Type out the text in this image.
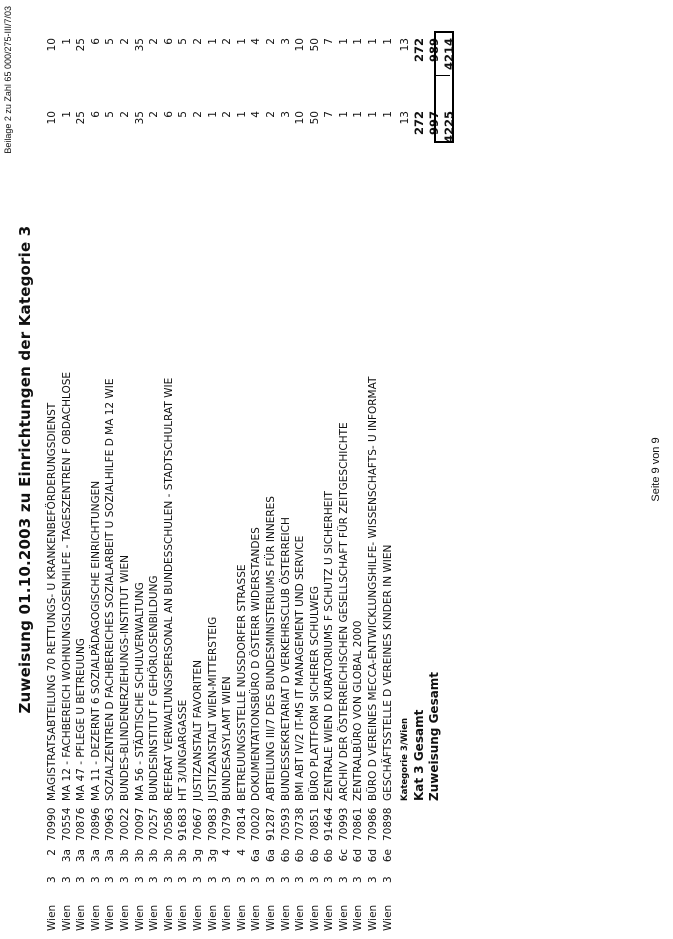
Beilage 2 zu Zahl 65 000/275-III/7/03
Zuweisung 01.10.2003 zu Einrichtungen der Kategorie 3
Wien
3
2
70990
MAGISTRATSABTEILUNG 70 RETTUNGS- U KRANKENBEFÖRDERUNGSDIENST
10
10
Wien
3
3a
70554
MA 12 - FACHBEREICH WOHNUNGSLOSENHILFE - TAGESZENTREN F OBDACHLOSE
1
1
Wien
3
3a
70876
MA 47 - PFLEGE U BETREUUNG
25
25
Wien
3
3a
70896
MA 11 - DEZERNT 6 SOZIALPÄDAGOGISCHE EINRICHTUNGEN
6
6
Wien
3
3a
70963
SOZIALZENTREN D FACHBEREICHES SOZIALARBEIT U SOZIALHILFE D MA 12 WIE
5
5
Wien
3
3b
70022
BUNDES-BLINDENERZIEHUNGS-INSTITUT WIEN
2
2
Wien
3
3b
70097
MA 56 - STÄDTISCHE SCHULVERWALTUNG
35
35
Wien
3
3b
70257
BUNDESINSTITUT F GEHÖRLOSENBILDUNG
2
2
Wien
3
3b
70586
REFERAT VERWALTUNGSPERSONAL AN BUNDESSCHULEN - STADTSCHULRAT WIE
6
6
Wien
3
3b
91683
HT 3/UNGARGASSE
5
5
Wien
3
3g
70667
JUSTIZANSTALT FAVORITEN
2
2
Wien
3
3g
70983
JUSTIZANSTALT WIEN-MITTERSTEIG
1
1
Wien
3
4
70799
BUNDESASYLAMT WIEN
2
2
Wien
3
4
70814
BETREUUNGSSTELLE NUSSDORFER STRASSE
1
1
Wien
3
6a
70020
DOKUMENTATIONSBÜRO D ÖSTERR WIDERSTANDES
4
4
Wien
3
6a
91287
ABTEILUNG III/7 DES BUNDESMINISTERIUMS FÜR INNERES
2
2
Wien
3
6b
70593
BUNDESSEKRETARIAT D VERKEHRSCLUB ÖSTERREICH
3
3
Wien
3
6b
70738
BMI ABT IV/2 IT-MS IT MANAGEMENT UND SERVICE
10
10
Wien
3
6b
70851
BÜRO PLATTFORM SICHERER SCHULWEG
50
50
Wien
3
6b
91464
ZENTRALE WIEN D KURATORIUMS F SCHUTZ U SICHERHEIT
7
7
Wien
3
6c
70993
ARCHIV DER ÖSTERREICHISCHEN GESELLSCHAFT FÜR ZEITGESCHICHTE
1
1
Wien
3
6d
70861
ZENTRALBÜRO VON GLOBAL 2000
1
1
Wien
3
6d
70986
BÜRO D VEREINES MECCA-ENTWICKLUNGSHILFE- WISSENSCHAFTS- U INFORMAT
1
1
Wien
3
6e
70898
GESCHÄFTSSTELLE D VEREINES KINDER IN WIEN
1
1
Kategorie 3/Wien
13
13
Kat 3 Gesamt
272
272
Zuweisung Gesamt
997
989
4225
4214
Seite 9 von 9
